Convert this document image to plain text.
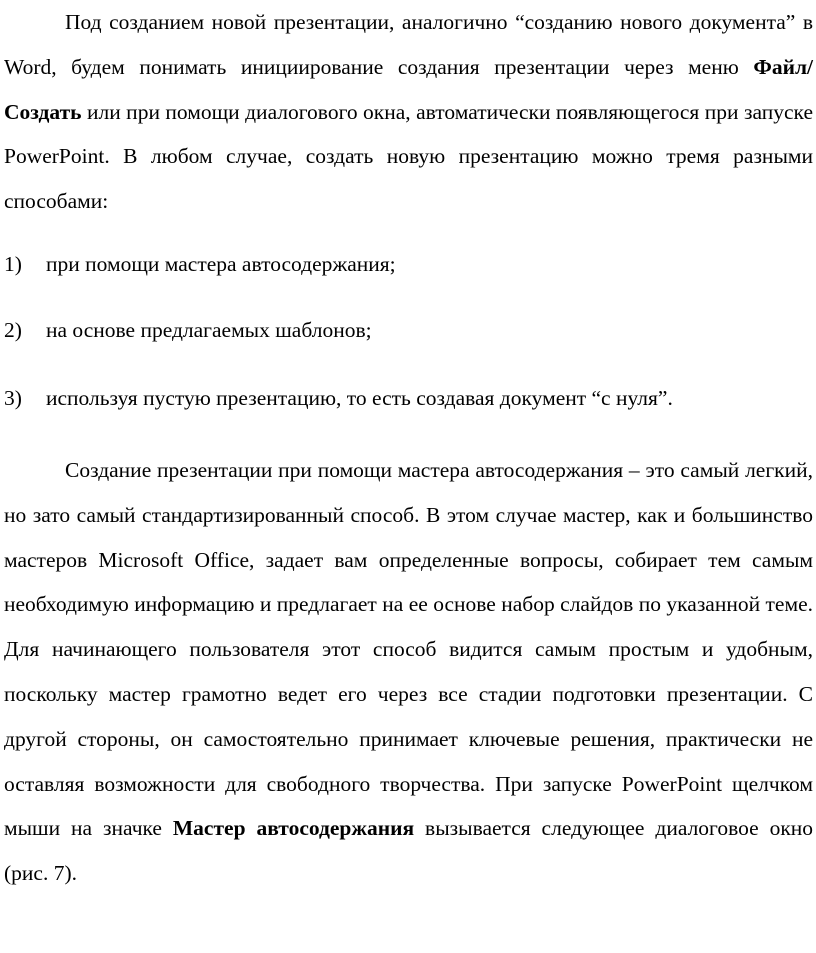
Под созданием новой презентации, аналогично “созданию нового документа” в Word, будем понимать инициирование создания презентации через меню Файл/Создать или при помощи диалогового окна, автоматически появляющегося при запуске PowerPoint. В любом случае, создать новую презентацию можно тремя разными способами:

1)	при помощи мастера автосодержания;
2)	на основе предлагаемых шаблонов;
3)	используя пустую презентацию, то есть создавая документ “с нуля”.

Создание презентации при помощи мастера автосодержания – это самый легкий, но зато самый стандартизированный способ. В этом случае мастер, как и большинство мастеров Microsoft Office, задает вам определенные вопросы, собирает тем самым необходимую информацию и предлагает на ее основе набор слайдов по указанной теме. Для начинающего пользователя этот способ видится самым простым и удобным, поскольку мастер грамотно ведет его через все стадии подготовки презентации. С другой стороны, он самостоятельно принимает ключевые решения, практически не оставляя возможности для свободного творчества. При запуске PowerPoint щелчком мыши на значке Мастер автосодержания вызывается следующее диалоговое окно (рис. 7).
